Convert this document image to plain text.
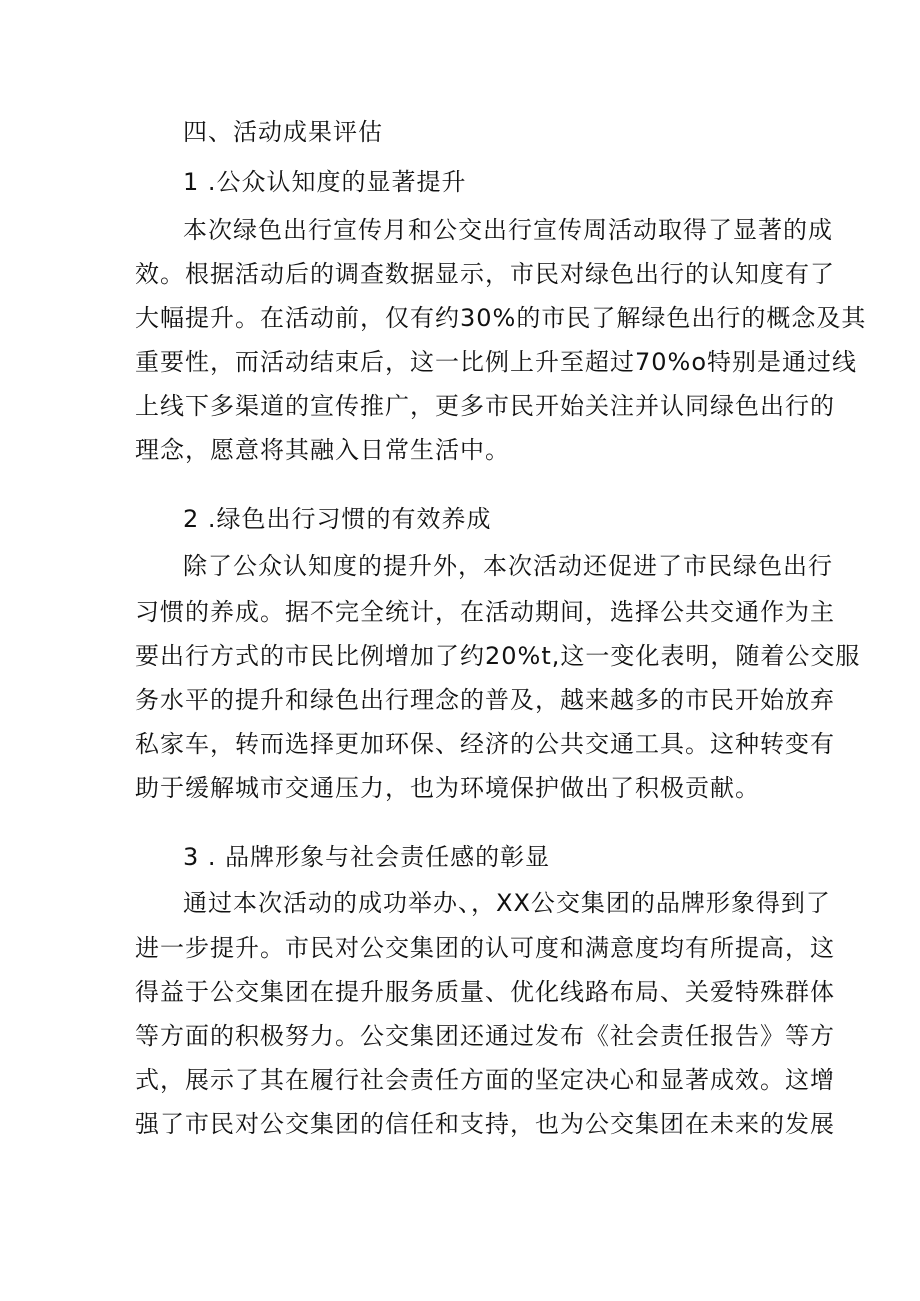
四、活动成果评估
1 .公众认知度的显著提升
本次绿色出行宣传月和公交出行宣传周活动取得了显著的成
效。根据活动后的调查数据显示，市民对绿色出行的认知度有了
大幅提升。在活动前，仅有约30%的市民了解绿色出行的概念及其
重要性，而活动结束后，这一比例上升至超过70%o特别是通过线
上线下多渠道的宣传推广，更多市民开始关注并认同绿色出行的
理念，愿意将其融入日常生活中。
2 .绿色出行习惯的有效养成
除了公众认知度的提升外，本次活动还促进了市民绿色出行
习惯的养成。据不完全统计，在活动期间，选择公共交通作为主
要出行方式的市民比例增加了约20%t,这一变化表明，随着公交服
务水平的提升和绿色出行理念的普及，越来越多的市民开始放弃
私家车，转而选择更加环保、经济的公共交通工具。这种转变有
助于缓解城市交通压力，也为环境保护做出了积极贡献。
3 . 品牌形象与社会责任感的彰显
通过本次活动的成功举办、，XX公交集团的品牌形象得到了
进一步提升。市民对公交集团的认可度和满意度均有所提高，这
得益于公交集团在提升服务质量、优化线路布局、关爱特殊群体
等方面的积极努力。公交集团还通过发布《社会责任报告》等方
式，展示了其在履行社会责任方面的坚定决心和显著成效。这增
强了市民对公交集团的信任和支持，也为公交集团在未来的发展
